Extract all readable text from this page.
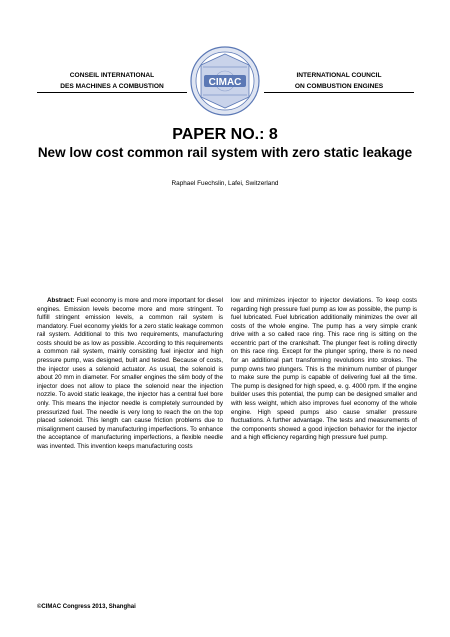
CONSEIL INTERNATIONAL
DES MACHINES A COMBUSTION	CIMAC
INTERNATIONAL COUNCIL
ON COMBUSTION ENGINES
PAPER NO.: 8
New low cost common rail system with zero static leakage
Raphael Fuechslin, Lafei, Switzerland
Abstract: Fuel economy is more and more important for diesel engines. Emission levels become more and more stringent. To fulfill stringent emission levels, a common rail system is mandatory. Fuel economy yields for a zero static leakage common rail system. Additional to this two requirements, manufacturing costs should be as low as possible. According to this requirements a common rail system, mainly consisting fuel injector and high pressure pump, was designed, built and tested. Because of costs, the injector uses a solenoid actuator. As usual, the solenoid is about 20 mm in diameter. For smaller engines the slim body of the injector does not allow to place the solenoid near the injection nozzle. To avoid static leakage, the injector has a central fuel bore only. This means the injector needle is completely surrounded by pressurized fuel. The needle is very long to reach the on the top placed solenoid. This length can cause friction problems due to misalignment caused by manufacturing imperfections. To enhance the acceptance of manufacturing imperfections, a flexible needle was invented. This invention keeps manufacturing costs
low and minimizes injector to injector deviations. To keep costs regarding high pressure fuel pump as low as possible, the pump is fuel lubricated. Fuel lubrication additionally minimizes the over all costs of the whole engine. The pump has a very simple crank drive with a so called race ring. This race ring is sitting on the eccentric part of the crankshaft. The plunger feet is rolling directly on this race ring. Except for the plunger spring, there is no need for an additional part transforming revolutions into strokes. The pump owns two plungers. This is the minimum number of plunger to make sure the pump is capable of delivering fuel all the time. The pump is designed for high speed, e. g. 4000 rpm. If the engine builder uses this potential, the pump can be designed smaller and with less weight, which also improves fuel economy of the whole engine. High speed pumps also cause smaller pressure fluctuations. A further advantage. The tests and measurements of the components showed a good injection behavior for the injector and a high efficiency regarding high pressure fuel pump.
©CIMAC Congress 2013, Shanghai
